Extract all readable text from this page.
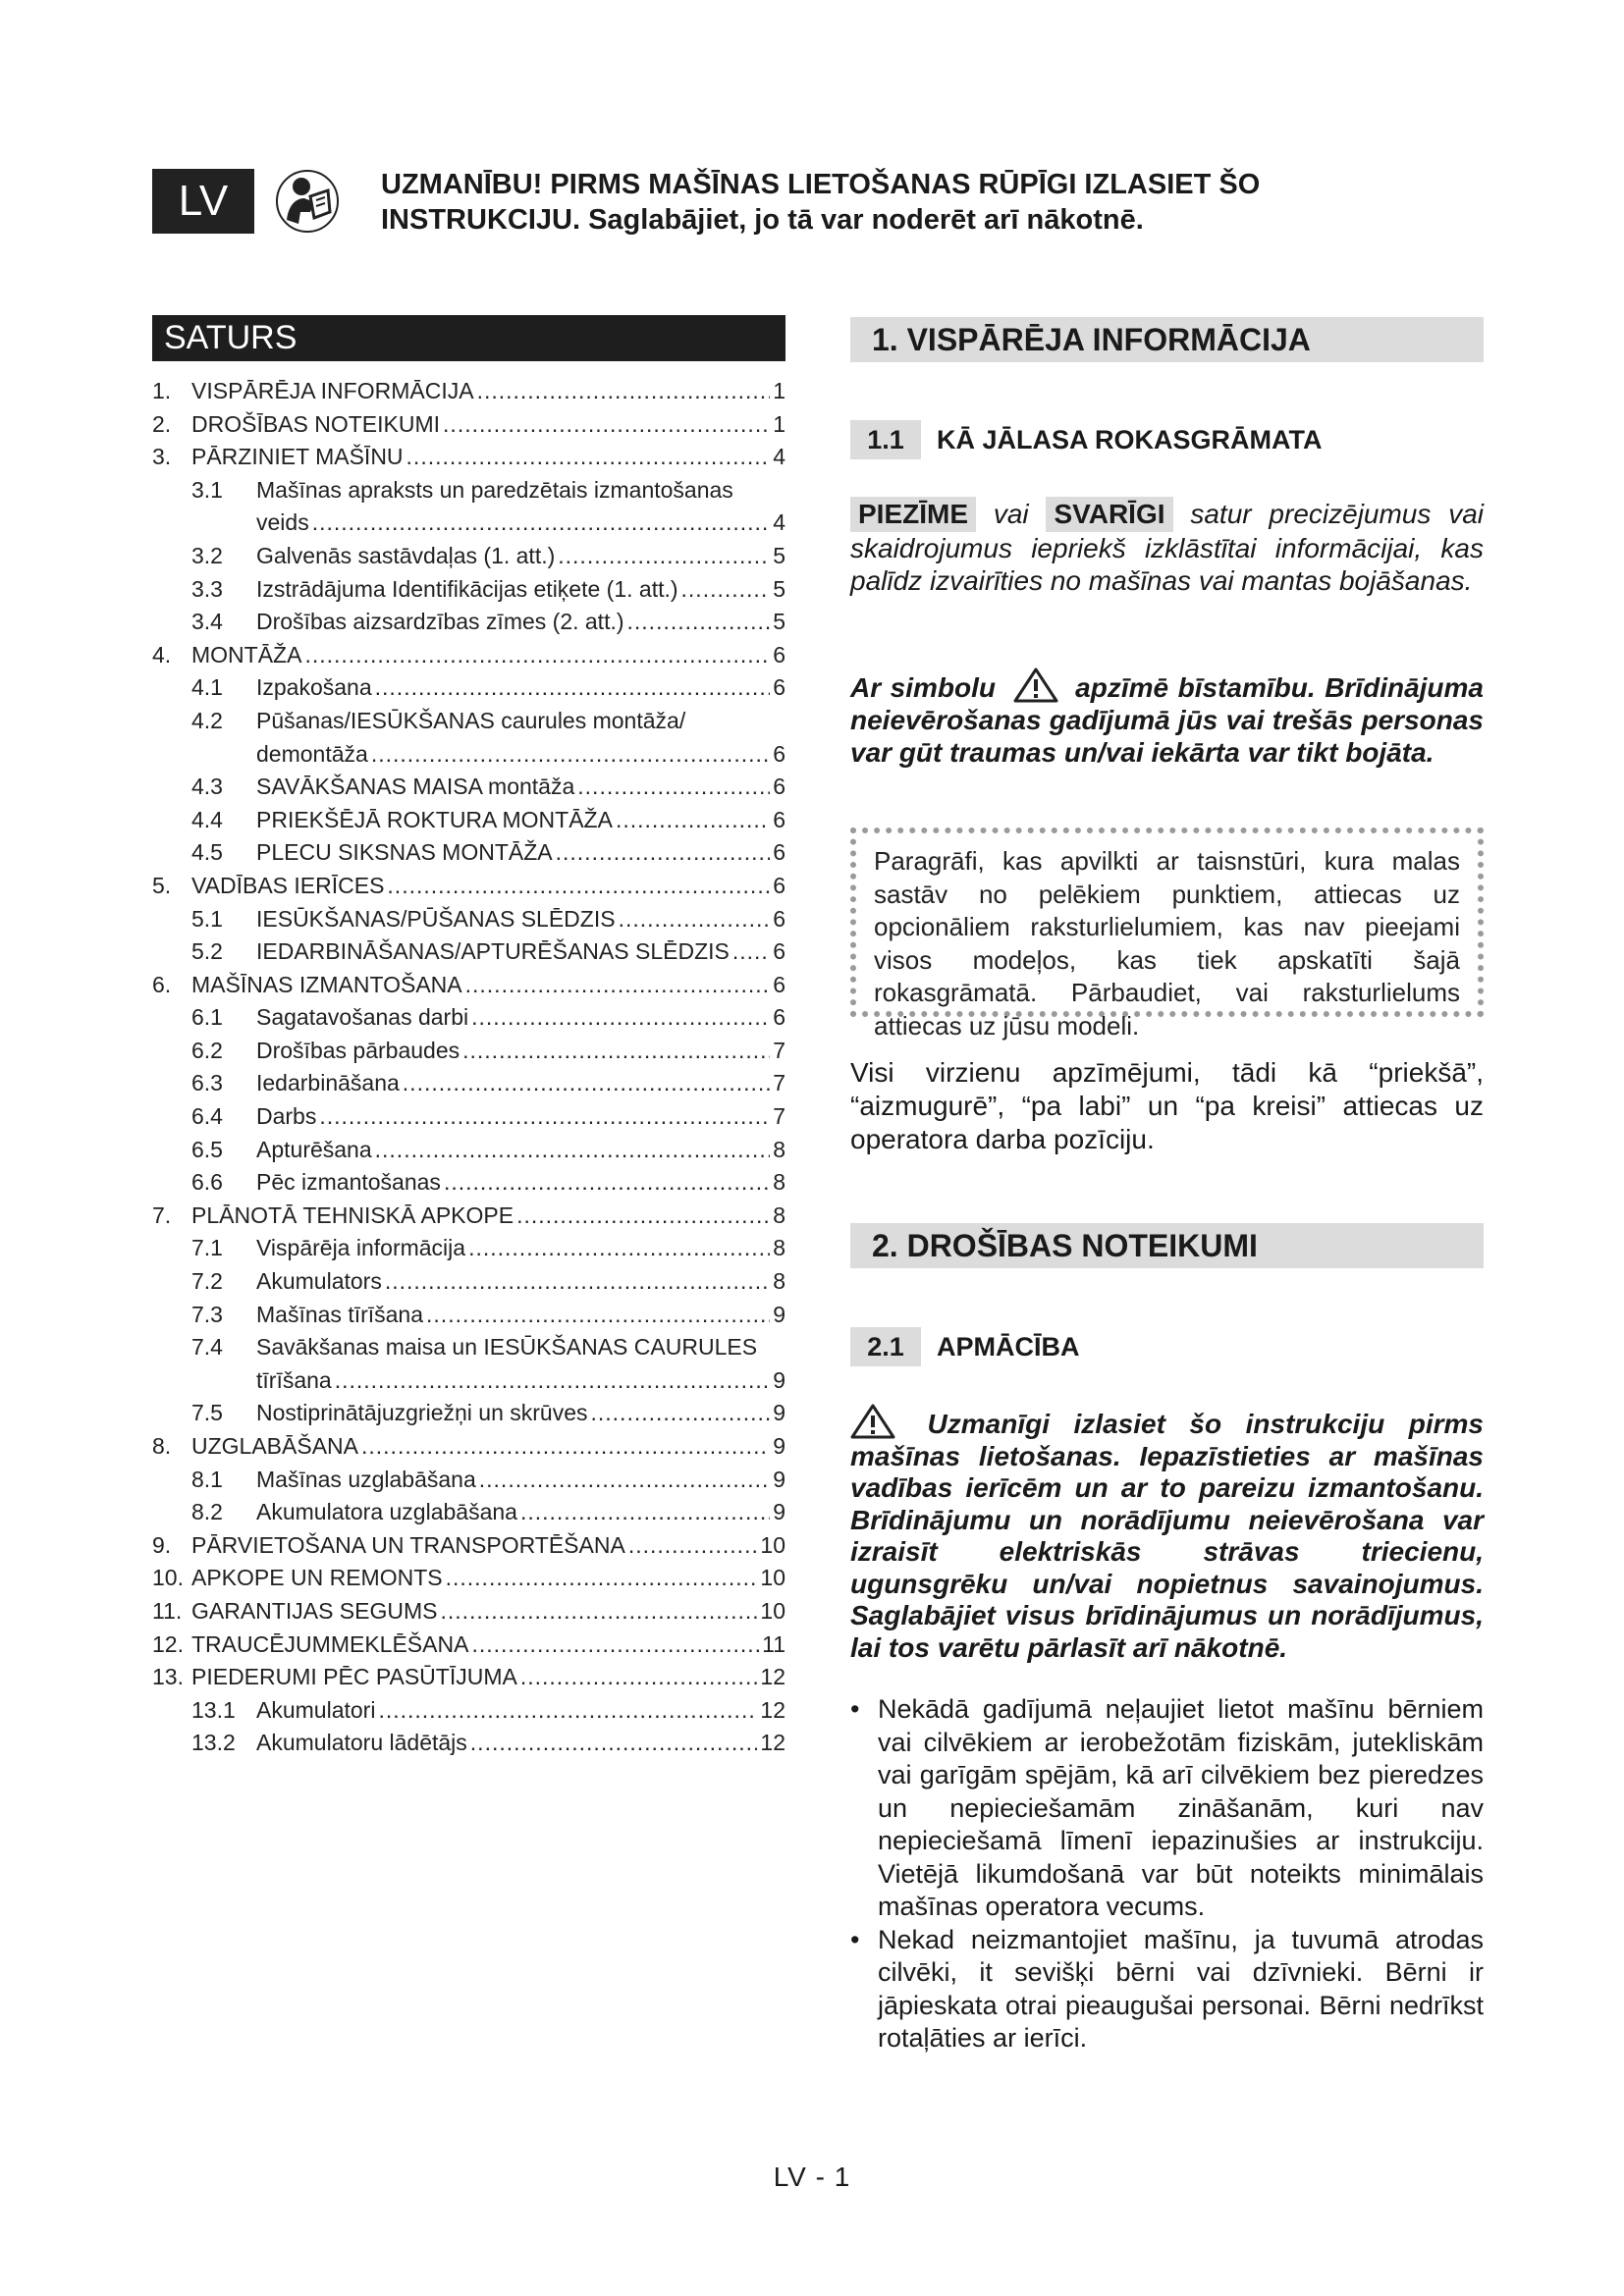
LV	UZMANĪBU! PIRMS MAŠĪNAS LIETOŠANAS RŪPĪGI IZLASIET ŠO INSTRUKCIJU. Saglabājiet, jo tā var noderēt arī nākotnē.
SATURS
1. VISPĀRĒJA INFORMĀCIJA .....	1
2. DROŠĪBAS NOTEIKUMI .....	1
3. PĀRZINIET MAŠĪNU .....	4
3.1	Mašīnas apraksts un paredzētais izmantošanas
veids .....	4
3.2	Galvenās sastāvdaļas (1. att.) .....	5
3.3	Izstrādājuma Identifikācijas etiķete (1. att.) .....	5
3.4	Drošības aizsardzības zīmes (2. att.) .....	5
4. MONTĀŽA .....	6
4.1	Izpakošana .....	6
4.2	Pūšanas/IESŪKŠANAS caurules montāža/
demontāža .....	6
4.3	SAVĀKŠANAS MAISA montāža .....	6
4.4	PRIEKŠĒJĀ ROKTURA MONTĀŽA .....	6
4.5	PLECU SIKSNAS MONTĀŽA .....	6
5. VADĪBAS IERĪCES .....	6
5.1	IESŪKŠANAS/PŪŠANAS SLĒDZIS .....	6
5.2	IEDARBINĀŠANAS/APTURĒŠANAS SLĒDZIS ..... 6
6. MAŠĪNAS IZMANTOŠANA .....	6
6.1	Sagatavošanas darbi .....	6
6.2	Drošības pārbaudes .....	7
6.3	Iedarbināšana .....	7
6.4	Darbs .....	7
6.5	Apturēšana .....	8
6.6	Pēc izmantošanas .....	8
7. PLĀNOTĀ TEHNISKĀ APKOPE .....	8
7.1	Vispārēja informācija .....	8
7.2	Akumulators .....	8
7.3	Mašīnas tīrīšana .....	9
7.4	Savākšanas maisa un IESŪKŠANAS CAURULES
tīrīšana .....	9
7.5	Nostiprinātājuzgriežņi un skrūves .....	9
8. UZGLABĀŠANA .....	9
8.1	Mašīnas uzglabāšana .....	9
8.2	Akumulatora uzglabāšana .....	9
9. PĀRVIETOŠANA UN TRANSPORTĒŠANA .....	10
10. APKOPE UN REMONTS .....	10
11. GARANTIJAS SEGUMS .....	10
12. TRAUCĒJUMMEKLĒŠANA .....	11
13. PIEDERUMI PĒC PASŪTĪJUMA .....	12
13.1 Akumulatori .....	12
13.2 Akumulatoru lādētājs .....	12
1. VISPĀRĒJA INFORMĀCIJA
1.1	KĀ JĀLASA ROKASGRĀMATA
PIEZĪME vai SVARĪGI satur precizējumus vai skaidrojumus iepriekš izklāstītai informācijai, kas palīdz izvairīties no mašīnas vai mantas bojāšanas.
Ar simbolu	apzīmē bīstamību. Brīdinājuma neievērošanas gadījumā jūs vai trešās personas var gūt traumas un/vai iekārta var tikt bojāta.
Paragrāfi, kas apvilkti ar taisnstūri, kura malas sastāv no pelēkiem punktiem, attiecas uz opcionāliem raksturlielumiem, kas nav pieejami visos modeļos, kas tiek apskatīti šajā rokasgrāmatā. Pārbaudiet, vai raksturlielums attiecas uz jūsu modeli.
Visi virzienu apzīmējumi, tādi kā “priekšā”, “aizmugurē”, “pa labi” un “pa kreisi” attiecas uz operatora darba pozīciju.
2. DROŠĪBAS NOTEIKUMI
2.1	APMĀCĪBA
Uzmanīgi izlasiet šo instrukciju pirms mašīnas lietošanas. Iepazīstieties ar mašīnas vadības ierīcēm un ar to pareizu izmantošanu. Brīdinājumu un norādījumu neievērošana var izraisīt elektriskās strāvas triecienu, ugunsgrēku un/vai nopietnus savainojumus. Saglabājiet visus brīdinājumus un norādījumus, lai tos varētu pārlasīt arī nākotnē.
• Nekādā gadījumā neļaujiet lietot mašīnu bērniem vai cilvēkiem ar ierobežotām fiziskām, jutekliskām vai garīgām spējām, kā arī cilvēkiem bez pieredzes un nepieciešamām zināšanām, kuri nav nepieciešamā līmenī iepazinušies ar instrukciju. Vietējā likumdošanā var būt noteikts minimālais mašīnas operatora vecums.
• Nekad neizmantojiet mašīnu, ja tuvumā atrodas cilvēki, it sevišķi bērni vai dzīvnieki. Bērni ir jāpieskata otrai pieaugušai personai. Bērni nedrīkst rotaļāties ar ierīci.
LV - 1
